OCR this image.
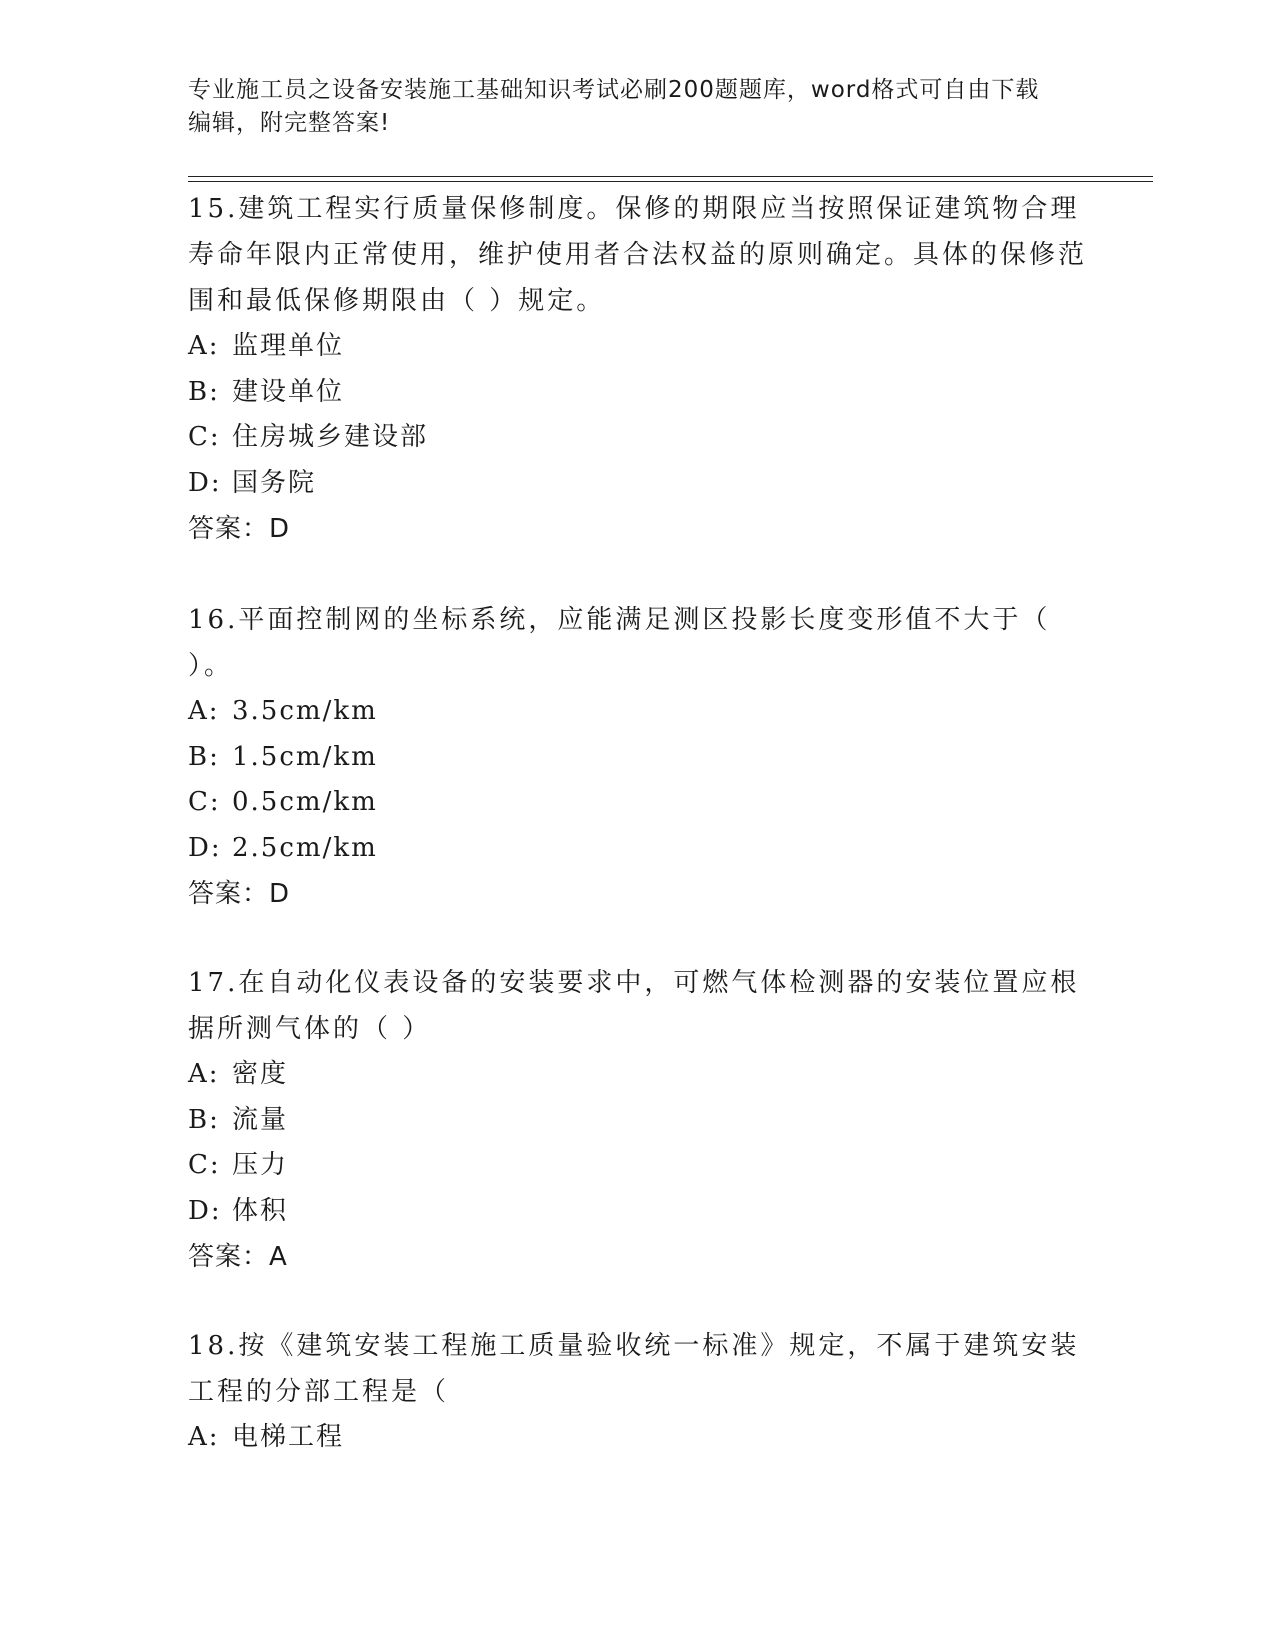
专业施工员之设备安装施工基础知识考试必刷200题题库，word格式可自由下载
编辑，附完整答案!
15.建筑工程实行质量保修制度。保修的期限应当按照保证建筑物合理寿命年限内正常使用，维护使用者合法权益的原则确定。具体的保修范围和最低保修期限由（ ）规定。
A: 监理单位
B: 建设单位
C: 住房城乡建设部
D: 国务院
答案：D
16.平面控制网的坐标系统，应能满足测区投影长度变形值不大于（ ）。
A: 3.5cm/km
B: 1.5cm/km
C: 0.5cm/km
D: 2.5cm/km
答案：D
17.在自动化仪表设备的安装要求中，可燃气体检测器的安装位置应根据所测气体的（ ）
A: 密度
B: 流量
C: 压力
D: 体积
答案：A
18.按《建筑安装工程施工质量验收统一标准》规定，不属于建筑安装工程的分部工程是（
A: 电梯工程
